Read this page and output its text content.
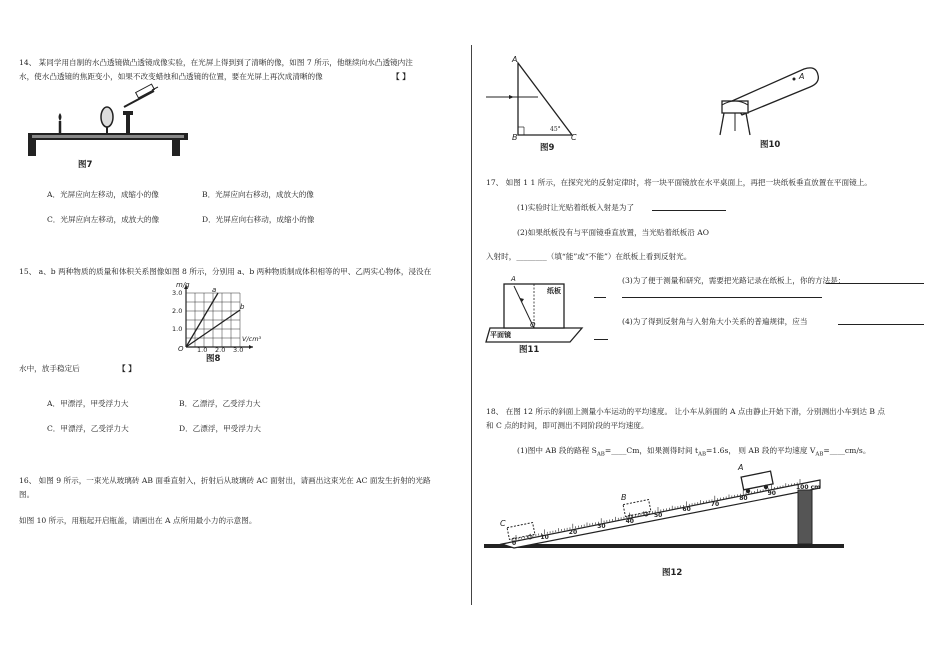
14、 某同学用自制的水凸透镜做凸透镜成像实验，在光屏上得到到了清晰的像，如图 7 所示，他继续向水凸透镜内注
水，使水凸透镜的焦距变小，如果不改变蜡烛和凸透镜的位置，要在光屏上再次成清晰的像	【 】
图7
A．光屏应向左移动，成缩小的像	B．光屏应向右移动，成放大的像
C．光屏应向左移动，成放大的像	D．光屏应向右移动，成缩小的像
15、 a、b 两种物质的质量和体积关系图像如图 8 所示，分别用 a、b 两种物质制成体积相等的甲、乙两实心物体，浸没在
m/g
3.0
2.0
1.0
O 1.0 2.0 3.0
V/cm³
a
b
图8
水中，放手稳定后	【 】
A．甲漂浮，甲受浮力大	B．乙漂浮，乙受浮力大
C．甲漂浮，乙受浮力大	D．乙漂浮，甲受浮力大
16、 如图 9 所示，一束光从玻璃砖 AB 面垂直射入，折射后从玻璃砖 AC 面射出，请画出这束光在 AC 面发生折射的光路
图。
如图 10 所示，用瓶起开启瓶盖，请画出在 A 点所用最小力的示意图。
45°
A
B	C
图9
A
图10
17、 如图 1 1 所示，在探究光的反射定律时，将一块平面镜放在水平桌面上，再把一块纸板垂直放置在平面镜上。
(1)实验时让光贴着纸板入射是为了
(2)如果纸板没有与平面镜垂直放置，当光贴着纸板沿 AO
入射时，________（填“能”或“不能”）在纸板上看到反射光。
A
O
纸板
平面镜
图11
(3)为了便于测量和研究，需要把光路记录在纸板上，你的方法是：
(4)为了得到反射角与入射角大小关系的普遍规律，应当
18、 在图 12 所示的斜面上测量小车运动的平均速度。 让小车从斜面的 A 点由静止开始下滑，分别测出小车到达 B 点
和 C 点的时间，即可测出不同阶段的平均速度。
(1)图中 AB 段的路程 $S_{AB}=\_\_\_\_Cm$，如果测得时间 $t_{AB}=1.6s$， 则 AB 段的平均速度 $V_{AB}=\_\_\_\_cm/s$。
C
B
A
图12
0
10
20
30
40
50
60
70
80
90
100 cm
